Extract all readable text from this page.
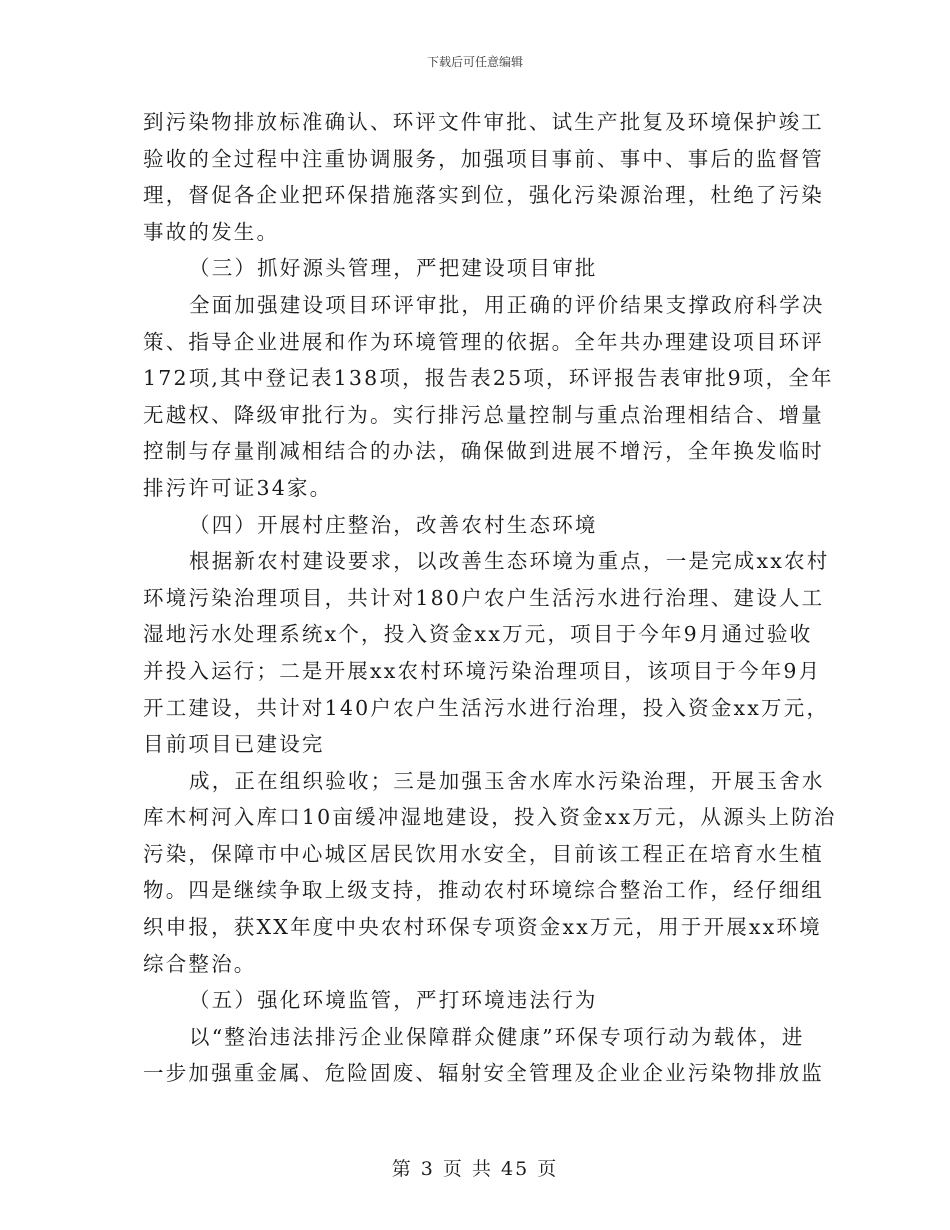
下载后可任意编辑
到污染物排放标准确认、环评文件审批、试生产批复及环境保护竣工
验收的全过程中注重协调服务，加强项目事前、事中、事后的监督管
理，督促各企业把环保措施落实到位，强化污染源治理，杜绝了污染
事故的发生。
（三）抓好源头管理，严把建设项目审批
全面加强建设项目环评审批，用正确的评价结果支撑政府科学决
策、指导企业进展和作为环境管理的依据。全年共办理建设项目环评
172项,其中登记表138项，报告表25项，环评报告表审批9项，全年
无越权、降级审批行为。实行排污总量控制与重点治理相结合、增量
控制与存量削减相结合的办法，确保做到进展不增污，全年换发临时
排污许可证34家。
（四）开展村庄整治，改善农村生态环境
根据新农村建设要求，以改善生态环境为重点，一是完成xx农村
环境污染治理项目，共计对180户农户生活污水进行治理、建设人工
湿地污水处理系统x个，投入资金xx万元，项目于今年9月通过验收
并投入运行；二是开展xx农村环境污染治理项目，该项目于今年9月
开工建设，共计对140户农户生活污水进行治理，投入资金xx万元，
目前项目已建设完
成，正在组织验收；三是加强玉舍水库水污染治理，开展玉舍水
库木柯河入库口10亩缓冲湿地建设，投入资金xx万元，从源头上防治
污染，保障市中心城区居民饮用水安全，目前该工程正在培育水生植
物。四是继续争取上级支持，推动农村环境综合整治工作，经仔细组
织申报，获XX年度中央农村环保专项资金xx万元，用于开展xx环境
综合整治。
（五）强化环境监管，严打环境违法行为
以“整治违法排污企业保障群众健康”环保专项行动为载体，进
一步加强重金属、危险固废、辐射安全管理及企业企业污染物排放监
第 3 页 共 45 页
